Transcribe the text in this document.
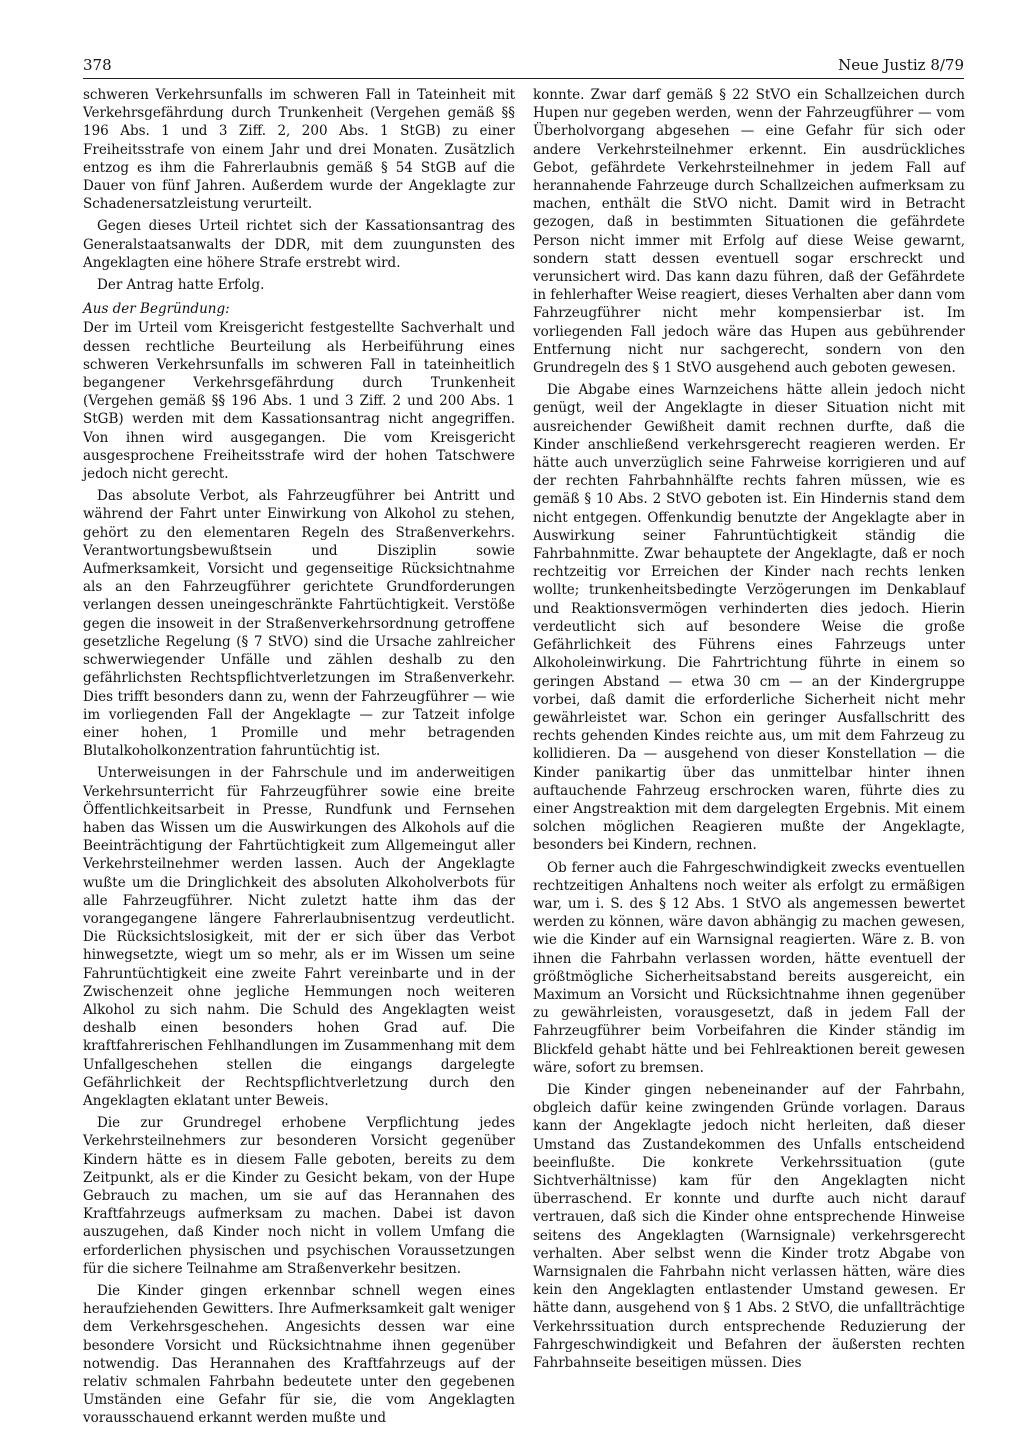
378	Neue Justiz 8/79

schweren Verkehrsunfalls im schweren Fall in Tateinheit mit Verkehrsgefährdung durch Trunkenheit (Vergehen gemäß §§ 196 Abs. 1 und 3 Ziff. 2, 200 Abs. 1 StGB) zu einer Freiheitsstrafe von einem Jahr und drei Monaten. Zusätzlich entzog es ihm die Fahrerlaubnis gemäß § 54 StGB auf die Dauer von fünf Jahren. Außerdem wurde der Angeklagte zur Schadenersatzleistung verurteilt.

Gegen dieses Urteil richtet sich der Kassationsantrag des Generalstaatsanwalts der DDR, mit dem zuungunsten des Angeklagten eine höhere Strafe erstrebt wird.

Der Antrag hatte Erfolg.

Aus der Begründung:

Der im Urteil vom Kreisgericht festgestellte Sachverhalt und dessen rechtliche Beurteilung als Herbeiführung eines schweren Verkehrsunfalls im schweren Fall in tateinheitlich begangener Verkehrsgefährdung durch Trunkenheit (Vergehen gemäß §§ 196 Abs. 1 und 3 Ziff. 2 und 200 Abs. 1 StGB) werden mit dem Kassationsantrag nicht angegriffen. Von ihnen wird ausgegangen. Die vom Kreisgericht ausgesprochene Freiheitsstrafe wird der hohen Tatschwere jedoch nicht gerecht.

Das absolute Verbot, als Fahrzeugführer bei Antritt und während der Fahrt unter Einwirkung von Alkohol zu stehen, gehört zu den elementaren Regeln des Straßenverkehrs. Verantwortungsbewußtsein und Disziplin sowie Aufmerksamkeit, Vorsicht und gegenseitige Rücksichtnahme als an den Fahrzeugführer gerichtete Grundforderungen verlangen dessen uneingeschränkte Fahrtüchtigkeit. Verstöße gegen die insoweit in der Straßenverkehrsordnung getroffene gesetzliche Regelung (§ 7 StVO) sind die Ursache zahlreicher schwerwiegender Unfälle und zählen deshalb zu den gefährlichsten Rechtspflichtverletzungen im Straßenverkehr. Dies trifft besonders dann zu, wenn der Fahrzeugführer — wie im vorliegenden Fall der Angeklagte — zur Tatzeit infolge einer hohen, 1 Promille und mehr betragenden Blutalkoholkonzentration fahruntüchtig ist.

Unterweisungen in der Fahrschule und im anderweitigen Verkehrsunterricht für Fahrzeugführer sowie eine breite Öffentlichkeitsarbeit in Presse, Rundfunk und Fernsehen haben das Wissen um die Auswirkungen des Alkohols auf die Beeinträchtigung der Fahrtüchtigkeit zum Allgemeingut aller Verkehrsteilnehmer werden lassen. Auch der Angeklagte wußte um die Dringlichkeit des absoluten Alkoholverbots für alle Fahrzeugführer. Nicht zuletzt hatte ihm das der vorangegangene längere Fahrerlaubnisentzug verdeutlicht. Die Rücksichtslosigkeit, mit der er sich über das Verbot hinwegsetzte, wiegt um so mehr, als er im Wissen um seine Fahruntüchtigkeit eine zweite Fahrt vereinbarte und in der Zwischenzeit ohne jegliche Hemmungen noch weiteren Alkohol zu sich nahm. Die Schuld des Angeklagten weist deshalb einen besonders hohen Grad auf. Die kraftfahrerischen Fehlhandlungen im Zusammenhang mit dem Unfallgeschehen stellen die eingangs dargelegte Gefährlichkeit der Rechtspflichtverletzung durch den Angeklagten eklatant unter Beweis.

Die zur Grundregel erhobene Verpflichtung jedes Verkehrsteilnehmers zur besonderen Vorsicht gegenüber Kindern hätte es in diesem Falle geboten, bereits zu dem Zeitpunkt, als er die Kinder zu Gesicht bekam, von der Hupe Gebrauch zu machen, um sie auf das Herannahen des Kraftfahrzeugs aufmerksam zu machen. Dabei ist davon auszugehen, daß Kinder noch nicht in vollem Umfang die erforderlichen physischen und psychischen Voraussetzungen für die sichere Teilnahme am Straßenverkehr besitzen.

Die Kinder gingen erkennbar schnell wegen eines heraufziehenden Gewitters. Ihre Aufmerksamkeit galt weniger dem Verkehrsgeschehen. Angesichts dessen war eine besondere Vorsicht und Rücksichtnahme ihnen gegenüber notwendig. Das Herannahen des Kraftfahrzeugs auf der relativ schmalen Fahrbahn bedeutete unter den gegebenen Umständen eine Gefahr für sie, die vom Angeklagten vorausschauend erkannt werden mußte und

konnte. Zwar darf gemäß § 22 StVO ein Schallzeichen durch Hupen nur gegeben werden, wenn der Fahrzeugführer — vom Überholvorgang abgesehen — eine Gefahr für sich oder andere Verkehrsteilnehmer erkennt. Ein ausdrückliches Gebot, gefährdete Verkehrsteilnehmer in jedem Fall auf herannahende Fahrzeuge durch Schallzeichen aufmerksam zu machen, enthält die StVO nicht. Damit wird in Betracht gezogen, daß in bestimmten Situationen die gefährdete Person nicht immer mit Erfolg auf diese Weise gewarnt, sondern statt dessen eventuell sogar erschreckt und verunsichert wird. Das kann dazu führen, daß der Gefährdete in fehlerhafter Weise reagiert, dieses Verhalten aber dann vom Fahrzeugführer nicht mehr kompensierbar ist. Im vorliegenden Fall jedoch wäre das Hupen aus gebührender Entfernung nicht nur sachgerecht, sondern von den Grundregeln des § 1 StVO ausgehend auch geboten gewesen.

Die Abgabe eines Warnzeichens hätte allein jedoch nicht genügt, weil der Angeklagte in dieser Situation nicht mit ausreichender Gewißheit damit rechnen durfte, daß die Kinder anschließend verkehrsgerecht reagieren werden. Er hätte auch unverzüglich seine Fahrweise korrigieren und auf der rechten Fahrbahnhälfte rechts fahren müssen, wie es gemäß § 10 Abs. 2 StVO geboten ist. Ein Hindernis stand dem nicht entgegen. Offenkundig benutzte der Angeklagte aber in Auswirkung seiner Fahruntüchtigkeit ständig die Fahrbahnmitte. Zwar behauptete der Angeklagte, daß er noch rechtzeitig vor Erreichen der Kinder nach rechts lenken wollte; trunkenheitsbedingte Verzögerungen im Denkablauf und Reaktionsvermögen verhinderten dies jedoch. Hierin verdeutlicht sich auf besondere Weise die große Gefährlichkeit des Führens eines Fahrzeugs unter Alkoholeinwirkung. Die Fahrtrichtung führte in einem so geringen Abstand — etwa 30 cm — an der Kindergruppe vorbei, daß damit die erforderliche Sicherheit nicht mehr gewährleistet war. Schon ein geringer Ausfallschritt des rechts gehenden Kindes reichte aus, um mit dem Fahrzeug zu kollidieren. Da — ausgehend von dieser Konstellation — die Kinder panikartig über das unmittelbar hinter ihnen auftauchende Fahrzeug erschrocken waren, führte dies zu einer Angstreaktion mit dem dargelegten Ergebnis. Mit einem solchen möglichen Reagieren mußte der Angeklagte, besonders bei Kindern, rechnen.

Ob ferner auch die Fahrgeschwindigkeit zwecks eventuellen rechtzeitigen Anhaltens noch weiter als erfolgt zu ermäßigen war, um i. S. des § 12 Abs. 1 StVO als angemessen bewertet werden zu können, wäre davon abhängig zu machen gewesen, wie die Kinder auf ein Warnsignal reagierten. Wäre z. B. von ihnen die Fahrbahn verlassen worden, hätte eventuell der größtmögliche Sicherheitsabstand bereits ausgereicht, ein Maximum an Vorsicht und Rücksichtnahme ihnen gegenüber zu gewährleisten, vorausgesetzt, daß in jedem Fall der Fahrzeugführer beim Vorbeifahren die Kinder ständig im Blickfeld gehabt hätte und bei Fehlreaktionen bereit gewesen wäre, sofort zu bremsen.

Die Kinder gingen nebeneinander auf der Fahrbahn, obgleich dafür keine zwingenden Gründe vorlagen. Daraus kann der Angeklagte jedoch nicht herleiten, daß dieser Umstand das Zustandekommen des Unfalls entscheidend beeinflußte. Die konkrete Verkehrssituation (gute Sichtverhältnisse) kam für den Angeklagten nicht überraschend. Er konnte und durfte auch nicht darauf vertrauen, daß sich die Kinder ohne entsprechende Hinweise seitens des Angeklagten (Warnsignale) verkehrsgerecht verhalten. Aber selbst wenn die Kinder trotz Abgabe von Warnsignalen die Fahrbahn nicht verlassen hätten, wäre dies kein den Angeklagten entlastender Umstand gewesen. Er hätte dann, ausgehend von § 1 Abs. 2 StVO, die unfallträchtige Verkehrssituation durch entsprechende Reduzierung der Fahrgeschwindigkeit und Befahren der äußersten rechten Fahrbahnseite beseitigen müssen. Dies
